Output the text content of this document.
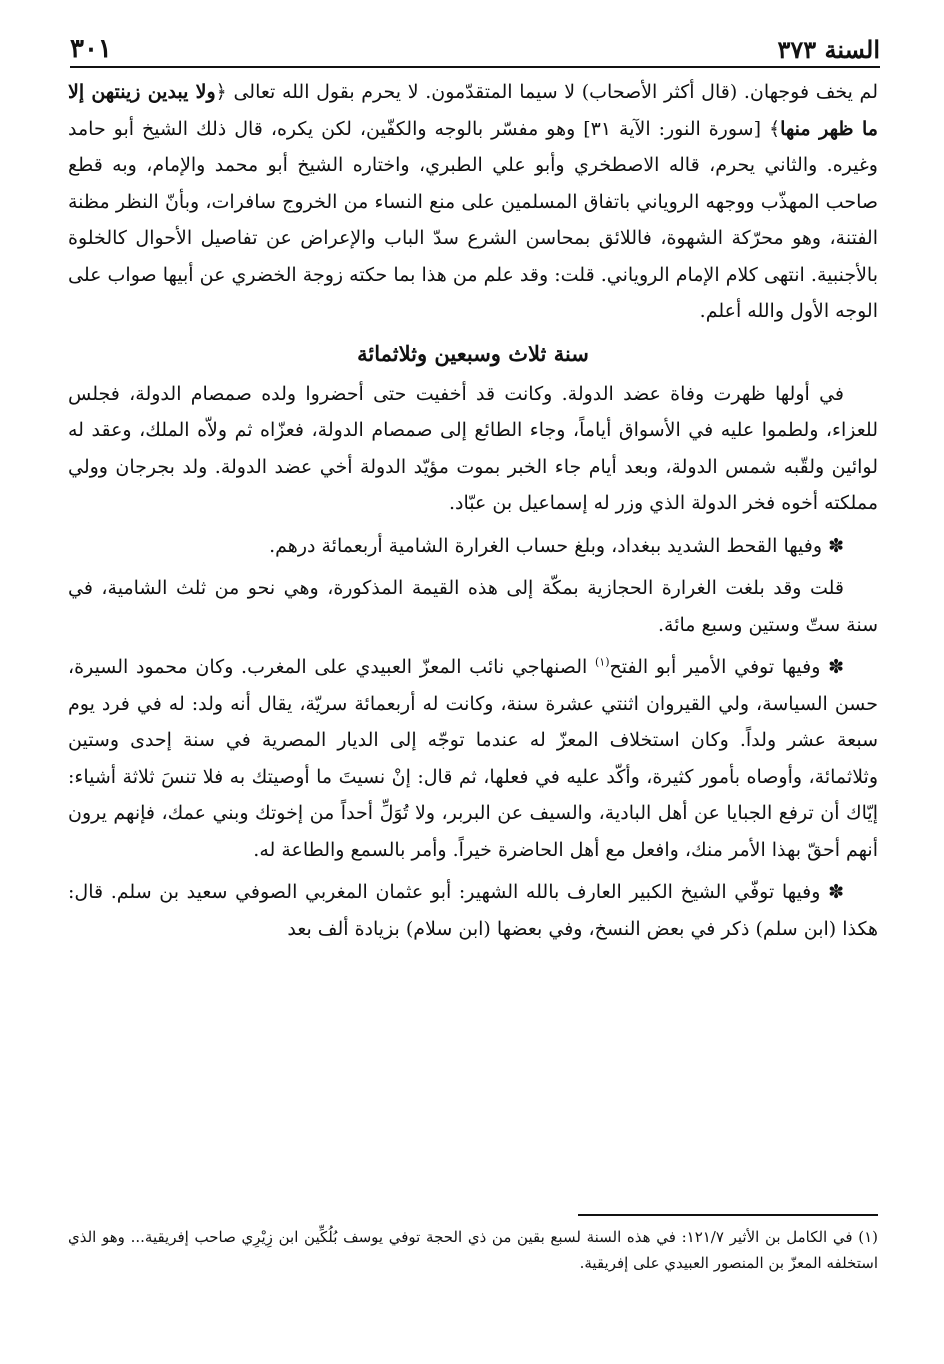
السنة ٣٧٣
٣٠١

لم يخف فوجهان. (قال أكثر الأصحاب) لا سيما المتقدّمون. لا يحرم بقول الله تعالى ﴿ولا يبدين زينتهن إلا ما ظهر منها﴾ [سورة النور: الآية ٣١] وهو مفسّر بالوجه والكفّين، لكن يكره، قال ذلك الشيخ أبو حامد وغيره. والثاني يحرم، قاله الاصطخري وأبو علي الطبري، واختاره الشيخ أبو محمد والإمام، وبه قطع صاحب المهذّب ووجهه الروياني باتفاق المسلمين على منع النساء من الخروج سافرات، وبأنّ النظر مظنة الفتنة، وهو محرّكة الشهوة، فاللائق بمحاسن الشرع سدّ الباب والإعراض عن تفاصيل الأحوال كالخلوة بالأجنبية. انتهى كلام الإمام الروياني. قلت: وقد علم من هذا بما حكته زوجة الخضري عن أبيها صواب على الوجه الأول والله أعلم.

سنة ثلاث وسبعين وثلاثمائة

في أولها ظهرت وفاة عضد الدولة. وكانت قد أخفيت حتى أحضروا ولده صمصام الدولة، فجلس للعزاء، ولطموا عليه في الأسواق أياماً، وجاء الطائع إلى صمصام الدولة، فعزّاه ثم ولاّه الملك، وعقد له لوائين ولقّبه شمس الدولة، وبعد أيام جاء الخبر بموت مؤيّد الدولة أخي عضد الدولة. ولد بجرجان وولي مملكته أخوه فخر الدولة الذي وزر له إسماعيل بن عبّاد.

✽ وفيها القحط الشديد ببغداد، وبلغ حساب الغرارة الشامية أربعمائة درهم.

قلت وقد بلغت الغرارة الحجازية بمكّة إلى هذه القيمة المذكورة، وهي نحو من ثلث الشامية، في سنة ستّ وستين وسبع مائة.

✽ وفيها توفي الأمير أبو الفتح$^{(١)}$ الصنهاجي نائب المعزّ العبيدي على المغرب. وكان محمود السيرة، حسن السياسة، ولي القيروان اثنتي عشرة سنة، وكانت له أربعمائة سريّة، يقال أنه ولد: له في فرد يوم سبعة عشر ولداً. وكان استخلاف المعزّ له عندما توجّه إلى الديار المصرية في سنة إحدى وستين وثلاثمائة، وأوصاه بأمور كثيرة، وأكّد عليه في فعلها، ثم قال: إنْ نسيتَ ما أوصيتك به فلا تنسَ ثلاثة أشياء: إيّاك أن ترفع الجبايا عن أهل البادية، والسيف عن البربر، ولا تُوَلِّ أحداً من إخوتك وبني عمك، فإنهم يرون أنهم أحقّ بهذا الأمر منك، وافعل مع أهل الحاضرة خيراً. وأمر بالسمع والطاعة له.

✽ وفيها توفّي الشيخ الكبير العارف بالله الشهير: أبو عثمان المغربي الصوفي سعيد بن سلم. قال: هكذا (ابن سلم) ذكر في بعض النسخ، وفي بعضها (ابن سلام) بزيادة ألف بعد

(١) في الكامل بن الأثير ١٢١/٧: في هذه السنة لسبع بقين من ذي الحجة توفي يوسف بُلُكِّين ابن زِيْرِي صاحب إفريقية... وهو الذي استخلفه المعزّ بن المنصور العبيدي على إفريقية.
